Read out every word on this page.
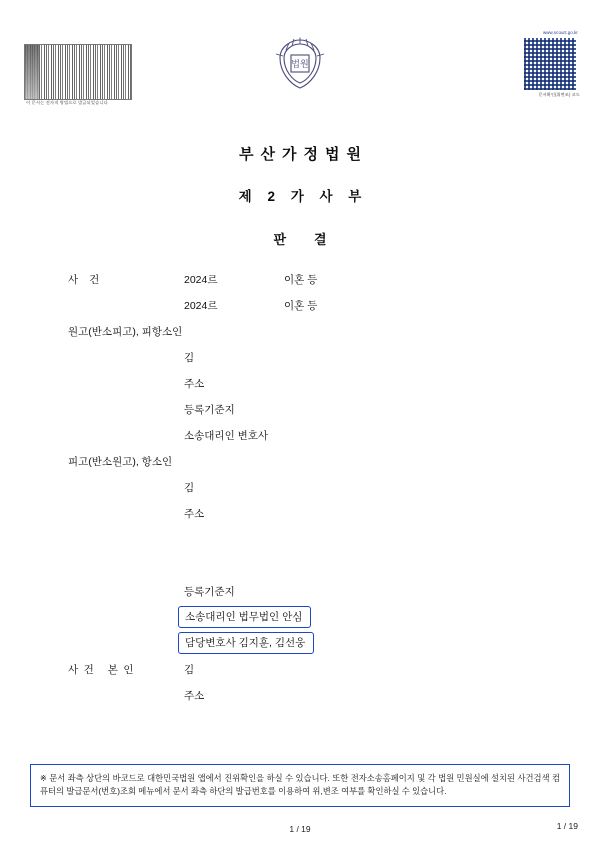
이 문서는 전자적 방법으로 발급되었습니다
법원
www.scourt.go.kr
문서확인(위변조) 코드
부산가정법원
제 2 가 사 부
판결
사건	2024르	이혼 등
2024르	이혼 등
원고(반소피고), 피항소인
김
주소
등록기준지
소송대리인 변호사
피고(반소원고), 항소인
김
주소
등록기준지
소송대리인 법무법인 안심
담당변호사 김지훈, 김선웅
사건 본인	김
주소
※ 문서 좌측 상단의 바코드로 대한민국법원 앱에서 진위확인을 하실 수 있습니다. 또한 전자소송홈페이지 및 각 법원 민원실에 설치된 사건검색 컴퓨터의 발급문서(번호)조회 메뉴에서 문서 좌측 하단의 발급번호를 이용하여 위,변조 여부를 확인하실 수 있습니다.
1 / 19	1 / 19
